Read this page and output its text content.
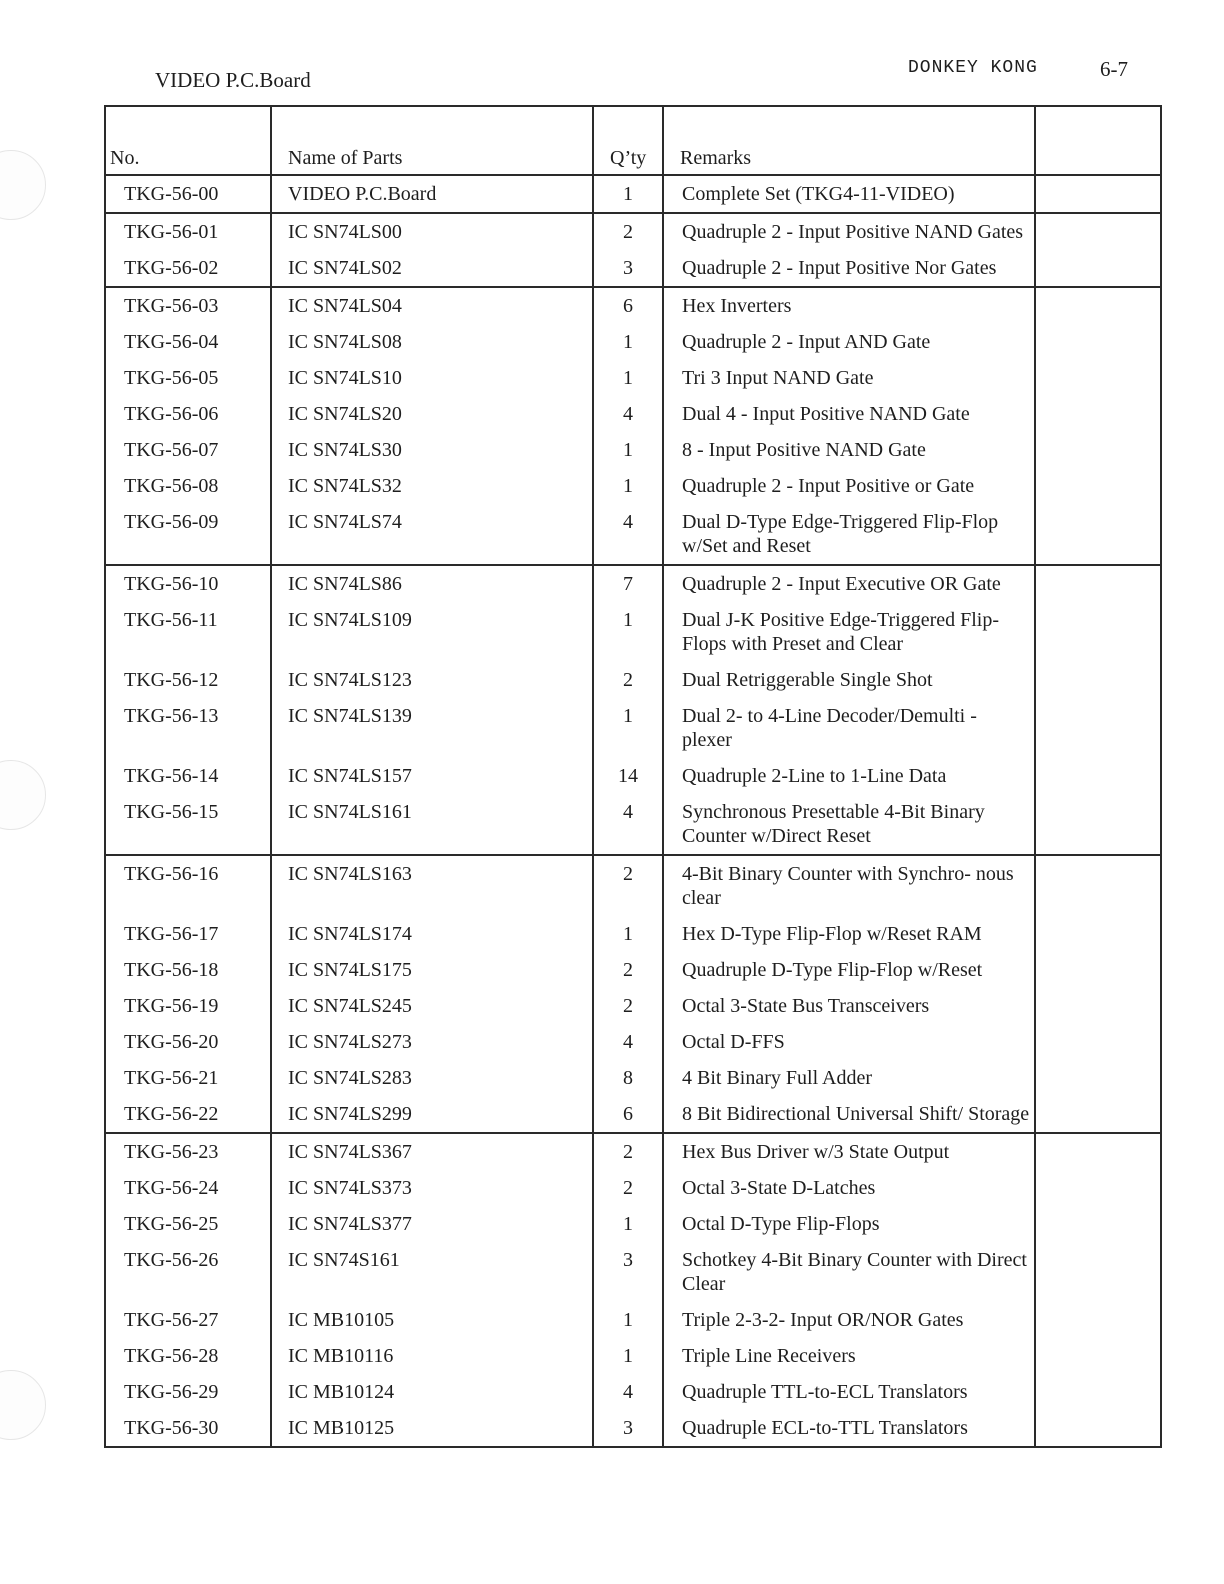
VIDEO P.C.Board	DONKEY KONG	6-7
No.	Name of Parts	Q’ty	Remarks	
TKG-56-00	VIDEO P.C.Board	1	Complete Set (TKG4-11-VIDEO)	
TKG-56-01	IC SN74LS00	2	Quadruple 2 - Input Positive NAND Gates	
TKG-56-02	IC SN74LS02	3	Quadruple 2 - Input Positive Nor Gates	
TKG-56-03	IC SN74LS04	6	Hex Inverters	
TKG-56-04	IC SN74LS08	1	Quadruple 2 - Input AND Gate	
TKG-56-05	IC SN74LS10	1	Tri 3 Input NAND Gate	
TKG-56-06	IC SN74LS20	4	Dual 4 - Input Positive NAND Gate	
TKG-56-07	IC SN74LS30	1	8 - Input Positive NAND Gate	
TKG-56-08	IC SN74LS32	1	Quadruple 2 - Input Positive or Gate	
TKG-56-09	IC SN74LS74	4	Dual D-Type Edge-Triggered Flip-Flop w/Set and Reset	
TKG-56-10	IC SN74LS86	7	Quadruple 2 - Input Executive OR Gate	
TKG-56-11	IC SN74LS109	1	Dual J-K Positive Edge-Triggered Flip-Flops with Preset and Clear	
TKG-56-12	IC SN74LS123	2	Dual Retriggerable Single Shot	
TKG-56-13	IC SN74LS139	1	Dual 2- to 4-Line Decoder/Demulti - plexer	
TKG-56-14	IC SN74LS157	14	Quadruple 2-Line to 1-Line Data	
TKG-56-15	IC SN74LS161	4	Synchronous Presettable 4-Bit Binary Counter w/Direct Reset	
TKG-56-16	IC SN74LS163	2	4-Bit Binary Counter with Synchro- nous clear	
TKG-56-17	IC SN74LS174	1	Hex D-Type Flip-Flop w/Reset RAM	
TKG-56-18	IC SN74LS175	2	Quadruple D-Type Flip-Flop w/Reset	
TKG-56-19	IC SN74LS245	2	Octal 3-State Bus Transceivers	
TKG-56-20	IC SN74LS273	4	Octal D-FFS	
TKG-56-21	IC SN74LS283	8	4 Bit Binary Full Adder	
TKG-56-22	IC SN74LS299	6	8 Bit Bidirectional Universal Shift/ Storage	
TKG-56-23	IC SN74LS367	2	Hex Bus Driver w/3 State Output	
TKG-56-24	IC SN74LS373	2	Octal 3-State D-Latches	
TKG-56-25	IC SN74LS377	1	Octal D-Type Flip-Flops	
TKG-56-26	IC SN74S161	3	Schotkey 4-Bit Binary Counter with Direct Clear	
TKG-56-27	IC MB10105	1	Triple 2-3-2- Input OR/NOR Gates	
TKG-56-28	IC MB10116	1	Triple Line Receivers	
TKG-56-29	IC MB10124	4	Quadruple TTL-to-ECL Translators	
TKG-56-30	IC MB10125	3	Quadruple ECL-to-TTL Translators	
